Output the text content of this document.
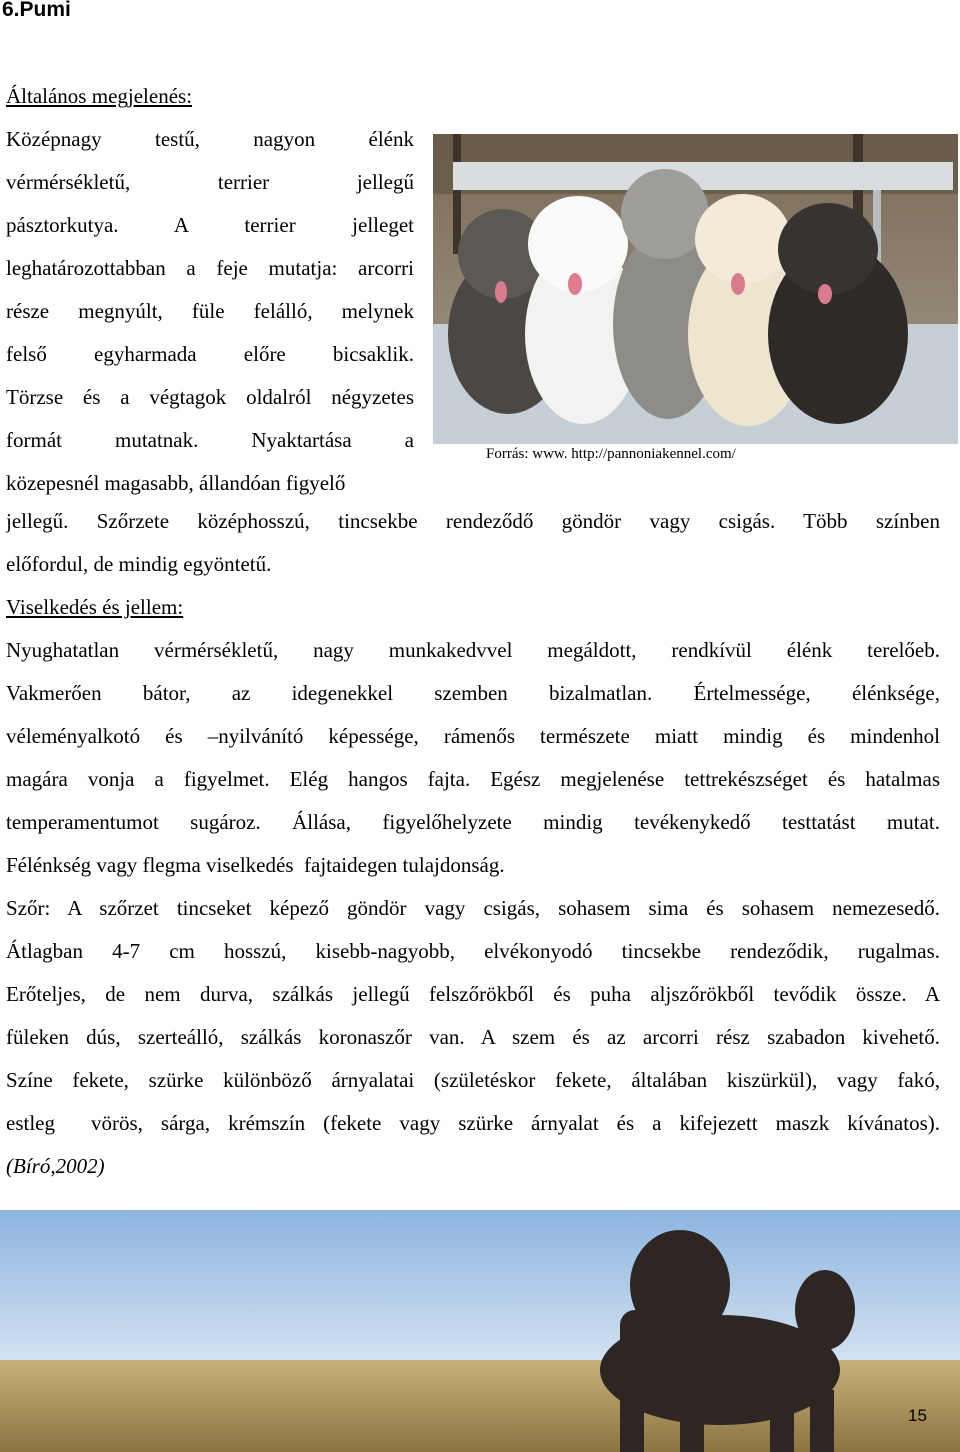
6.Pumi
Általános megjelenés:
Középnagy testű, nagyon élénk
vérmérsékletű, terrier jellegű
pásztorkutya. A terrier jelleget
leghatározottabban a feje mutatja: arcorri
része megnyúlt, füle felálló, melynek
felső egyharmada előre bicsaklik.
Törzse és a végtagok oldalról négyzetes
formát mutatnak. Nyaktartása a
közepesnél magasabb, állandóan figyelő
Forrás: www. http://pannoniakennel.com/
jellegű. Szőrzete középhosszú, tincsekbe rendeződő göndör vagy csigás. Több színben
előfordul, de mindig egyöntetű.
Viselkedés és jellem:
Nyughatatlan vérmérsékletű, nagy munkakedvvel megáldott, rendkívül élénk terelőeb.
Vakmerően bátor, az idegenekkel szemben bizalmatlan. Értelmessége, élénksége,
véleményalkotó és –nyilvánító képessége, rámenős természete miatt mindig és mindenhol
magára vonja a figyelmet. Elég hangos fajta. Egész megjelenése tettrekészséget és hatalmas
temperamentumot sugároz. Állása, figyelőhelyzete mindig tevékenykedő testtatást mutat.
Félénkség vagy flegma viselkedés  fajtaidegen tulajdonság.
Szőr: A szőrzet tincseket képező göndör vagy csigás, sohasem sima és sohasem nemezesedő.
Átlagban 4-7 cm hosszú, kisebb-nagyobb, elvékonyodó tincsekbe rendeződik, rugalmas.
Erőteljes, de nem durva, szálkás jellegű felszőrökből és puha aljszőrökből tevődik össze. A
füleken dús, szerteálló, szálkás koronaszőr van. A szem és az arcorri rész szabadon kivehető.
Színe fekete, szürke különböző árnyalatai (születéskor fekete, általában kiszürkül), vagy fakó,
estleg  vörös, sárga, krémszín (fekete vagy szürke árnyalat és a kifejezett maszk kívánatos).
(Bíró,2002)
15
